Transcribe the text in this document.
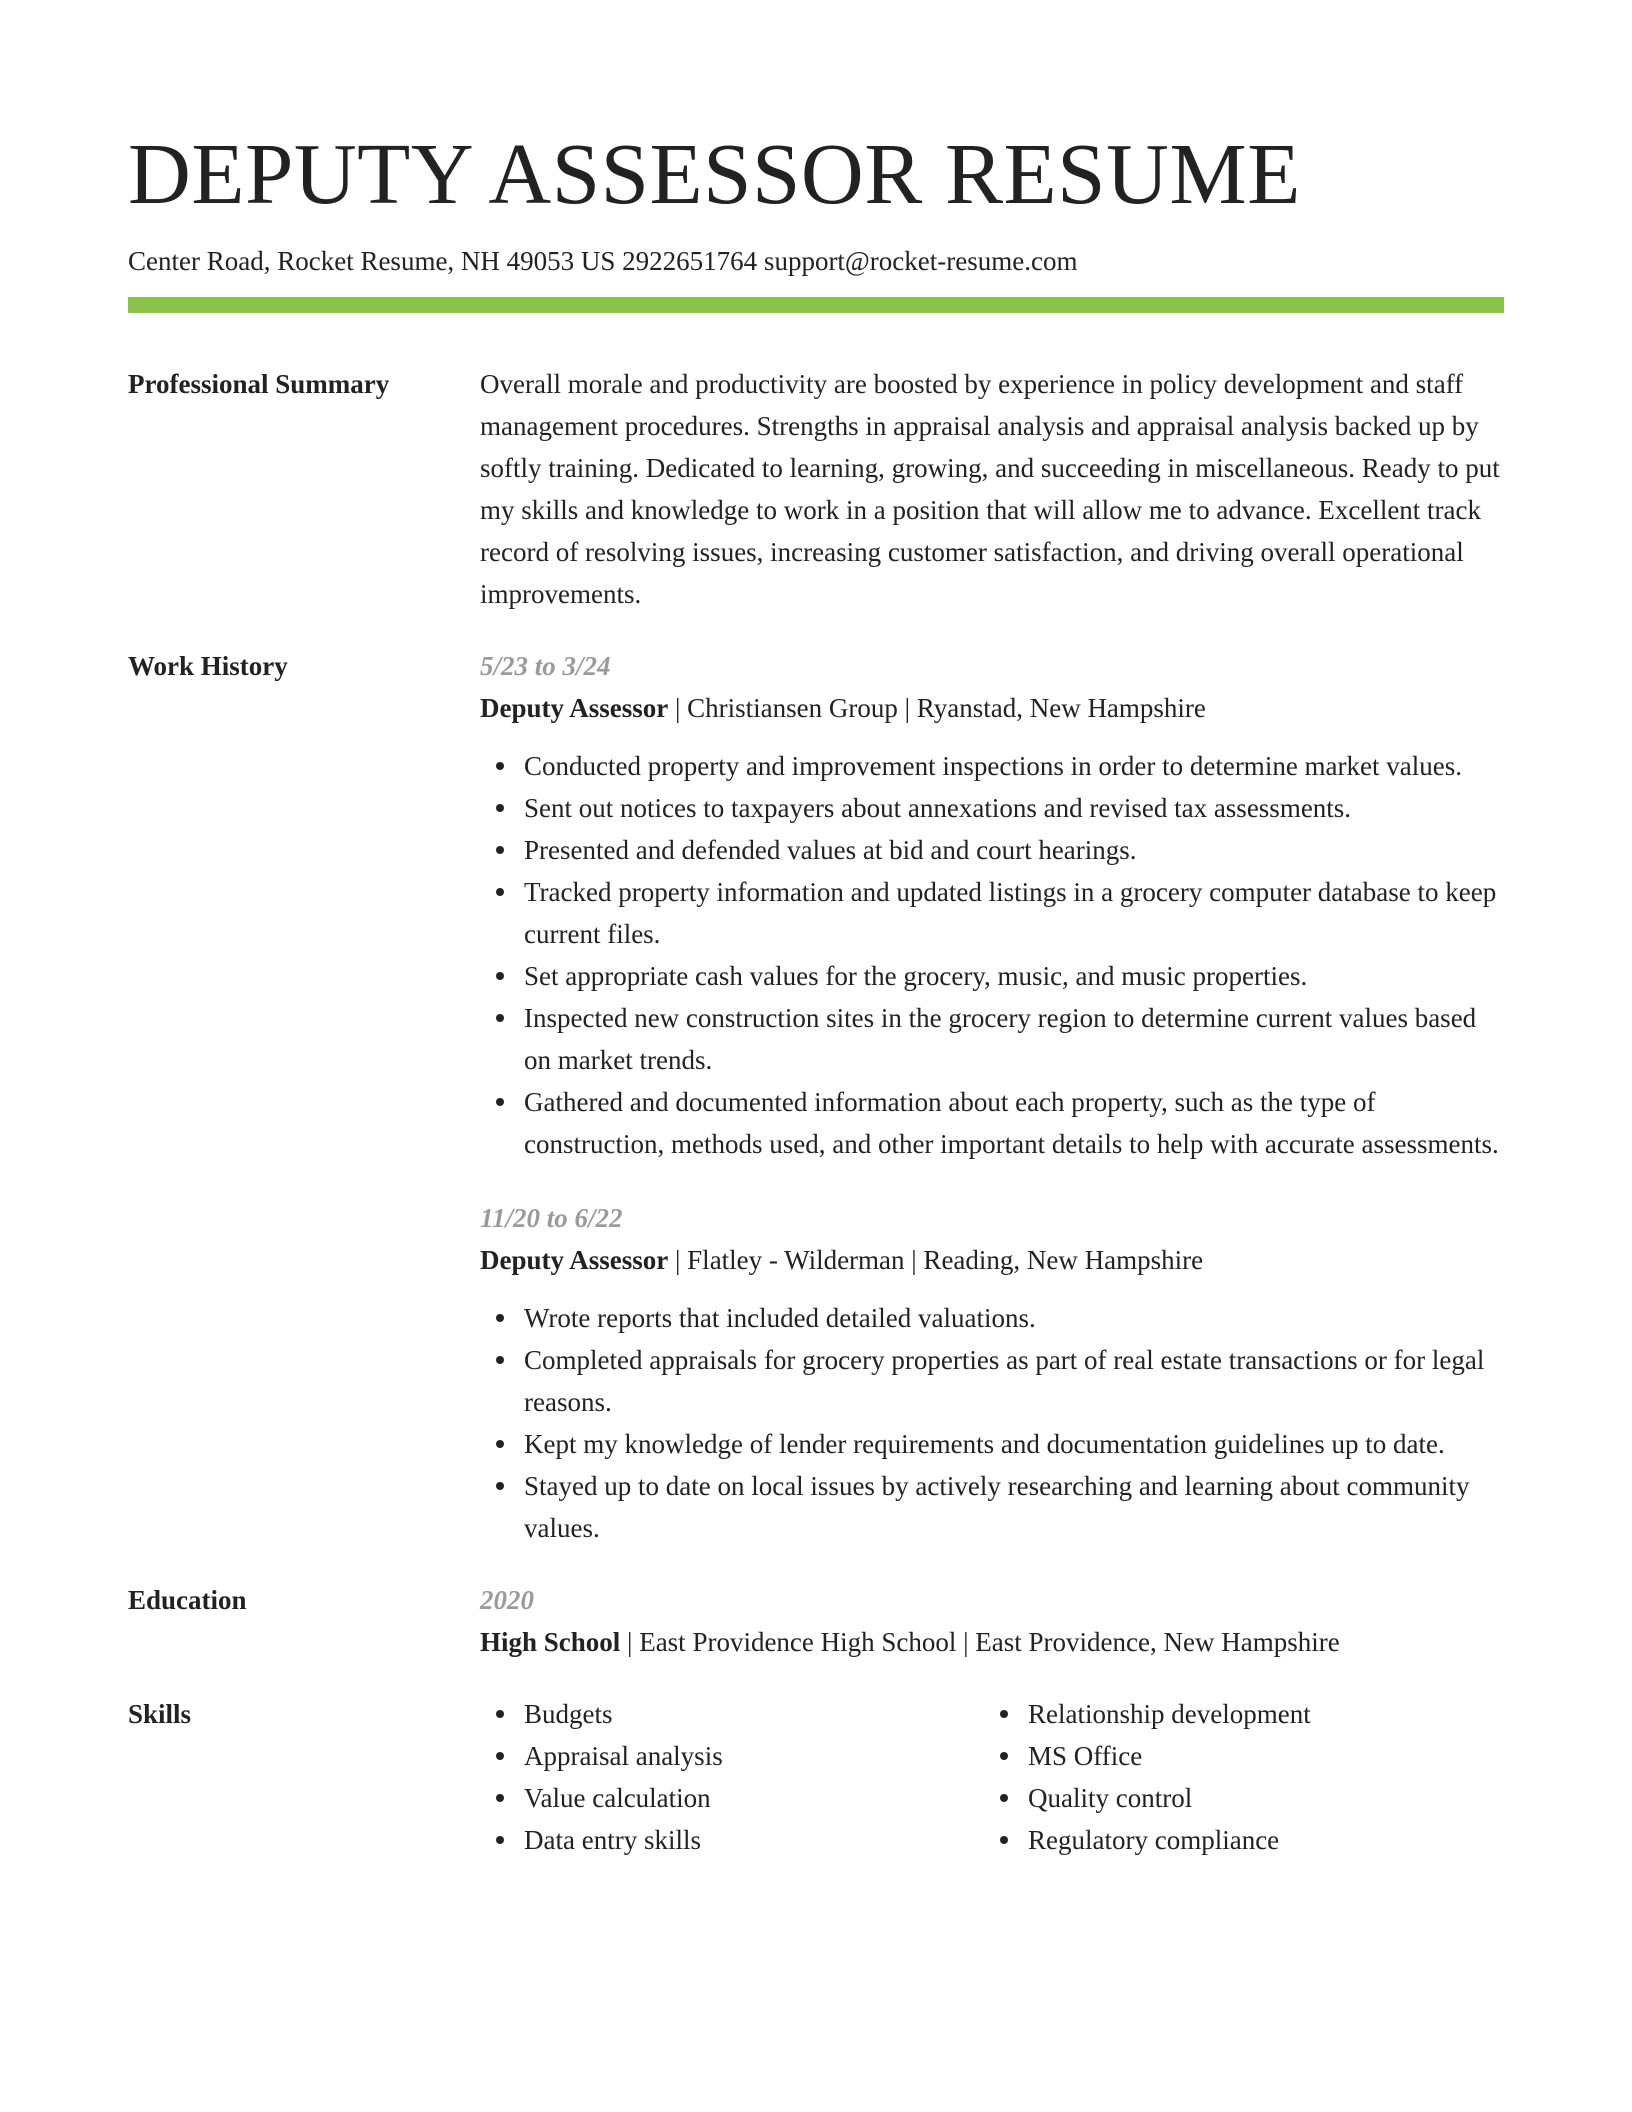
DEPUTY ASSESSOR RESUME
Center Road, Rocket Resume, NH 49053 US 2922651764 support@rocket-resume.com
Professional Summary	Overall morale and productivity are boosted by experience in policy development and staff management procedures. Strengths in appraisal analysis and appraisal analysis backed up by softly training. Dedicated to learning, growing, and succeeding in miscellaneous. Ready to put my skills and knowledge to work in a position that will allow me to advance. Excellent track record of resolving issues, increasing customer satisfaction, and driving overall operational improvements.
Work History	5/23 to 3/24
Deputy Assessor | Christiansen Group | Ryanstad, New Hampshire
Conducted property and improvement inspections in order to determine market values.
Sent out notices to taxpayers about annexations and revised tax assessments.
Presented and defended values at bid and court hearings.
Tracked property information and updated listings in a grocery computer database to keep current files.
Set appropriate cash values for the grocery, music, and music properties.
Inspected new construction sites in the grocery region to determine current values based on market trends.
Gathered and documented information about each property, such as the type of construction, methods used, and other important details to help with accurate assessments.
11/20 to 6/22
Deputy Assessor | Flatley - Wilderman | Reading, New Hampshire
Wrote reports that included detailed valuations.
Completed appraisals for grocery properties as part of real estate transactions or for legal reasons.
Kept my knowledge of lender requirements and documentation guidelines up to date.
Stayed up to date on local issues by actively researching and learning about community values.
Education	2020
High School | East Providence High School | East Providence, New Hampshire
Skills	Budgets
Appraisal analysis
Value calculation
Data entry skills
Relationship development
MS Office
Quality control
Regulatory compliance
